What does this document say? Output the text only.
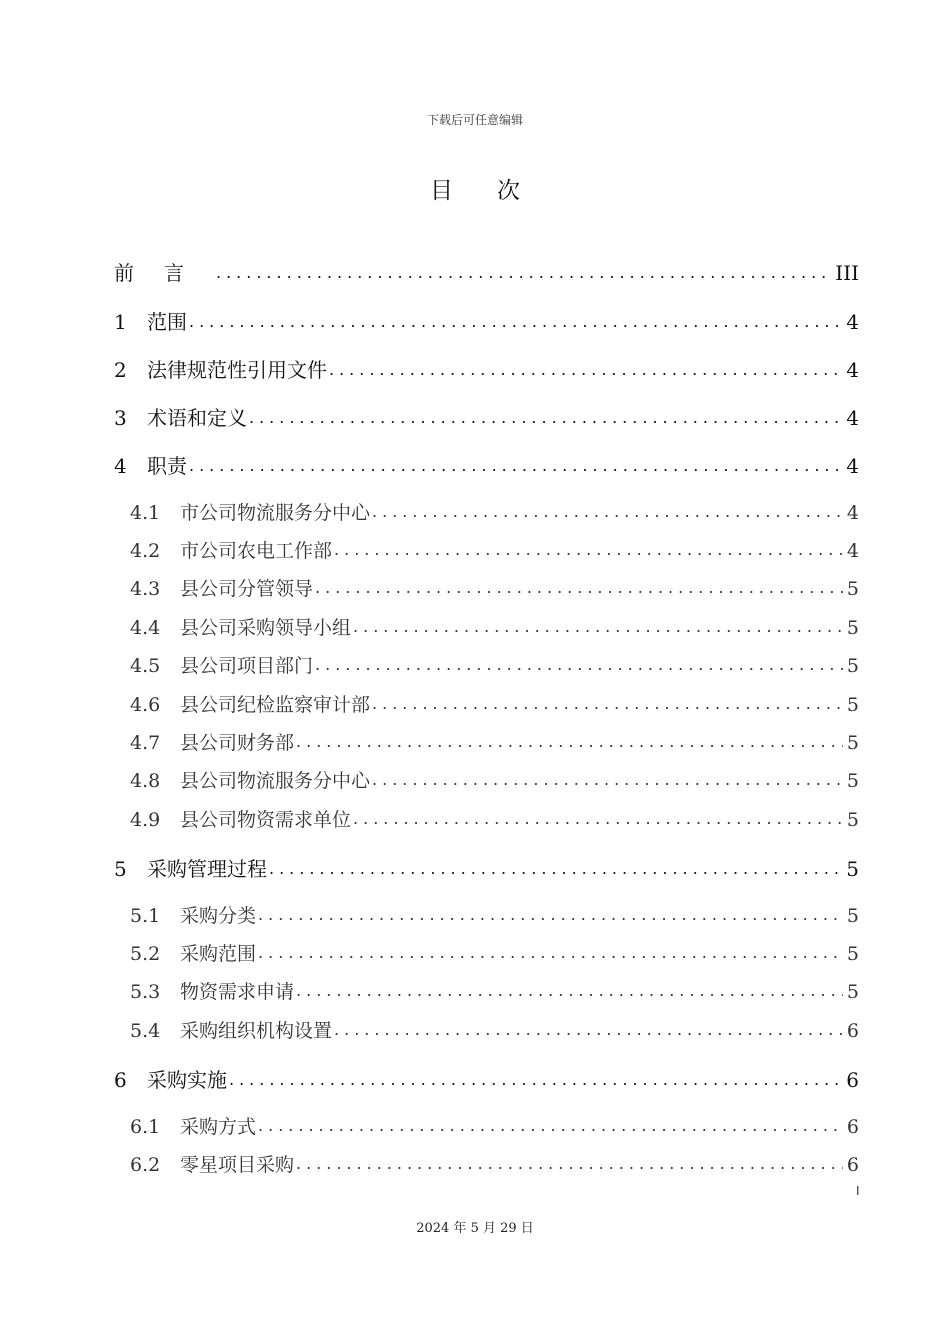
下载后可任意编辑
目次
前言 .....	III
1	范围 .....	4
2	法律规范性引用文件 .....	4
3	术语和定义 .....	4
4	职责 .....	4
4.1	市公司物流服务分中心 .....	4
4.2	市公司农电工作部 .....	4
4.3	县公司分管领导 .....	5
4.4	县公司采购领导小组 .....	5
4.5	县公司项目部门 .....	5
4.6	县公司纪检监察审计部 .....	5
4.7	县公司财务部 .....	5
4.8	县公司物流服务分中心 .....	5
4.9	县公司物资需求单位 .....	5
5	采购管理过程 .....	5
5.1	采购分类 .....	5
5.2	采购范围 .....	5
5.3	物资需求申请 .....	5
5.4	采购组织机构设置 .....	6
6	采购实施 .....	6
6.1	采购方式 .....	6
6.2	零星项目采购 .....	6
I
2024 年 5 月 29 日
